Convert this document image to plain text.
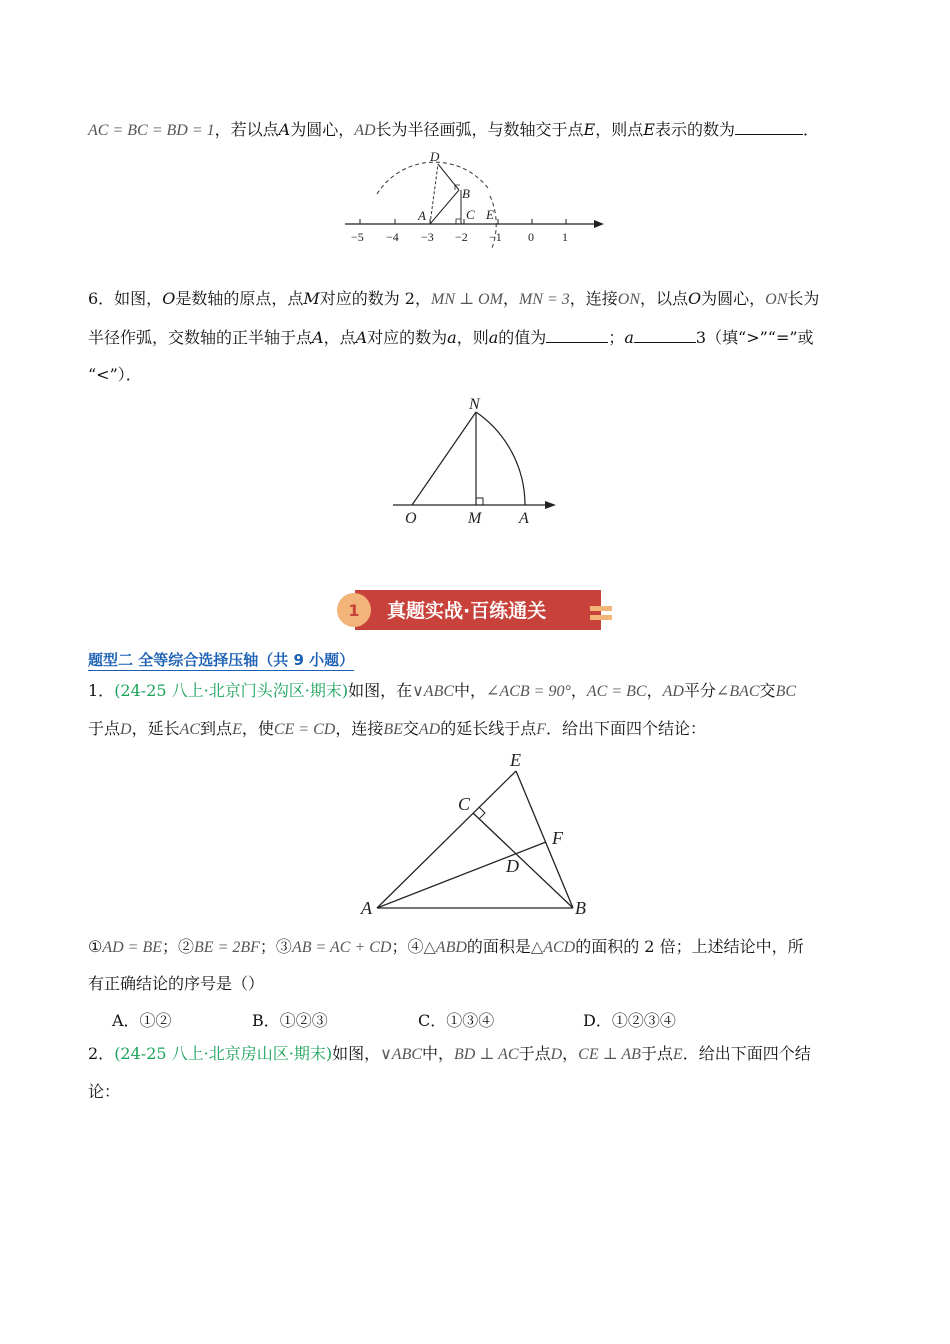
AC = BC = BD = 1，若以点A为圆心，AD长为半径画弧，与数轴交于点E，则点E表示的数为	．
D
B
A	C E
−5 −4 −3 −2 −1 0 1
6．如图，O是数轴的原点，点M对应的数为 2，MN ⊥ OM，MN = 3，连接ON，以点O为圆心，ON长为
半径作弧，交数轴的正半轴于点A，点A对应的数为a，则a的值为	；a	3（填“>”“=”或
“<”）．
N
O	M A
1 真题实战·百练通关
题型二 全等综合选择压轴（共 9 小题）
1．(24-25 八上·北京门头沟区·期末)如图，在∨ABC中，∠ACB = 90°，AC = BC，AD平分∠BAC交BC
于点D，延长AC到点E，使CE = CD，连接BE交AD的延长线于点F．给出下面四个结论：
E
C
F
D
A	B
①AD = BE；②BE = 2BF；③AB = AC + CD；④△ABD的面积是△ACD的面积的 2 倍；上述结论中，所
有正确结论的序号是（）
A．①②	B．①②③	C．①③④	D．①②③④
2．(24-25 八上·北京房山区·期末)如图，∨ABC中，BD ⊥ AC于点D，CE ⊥ AB于点E．给出下面四个结
论：
